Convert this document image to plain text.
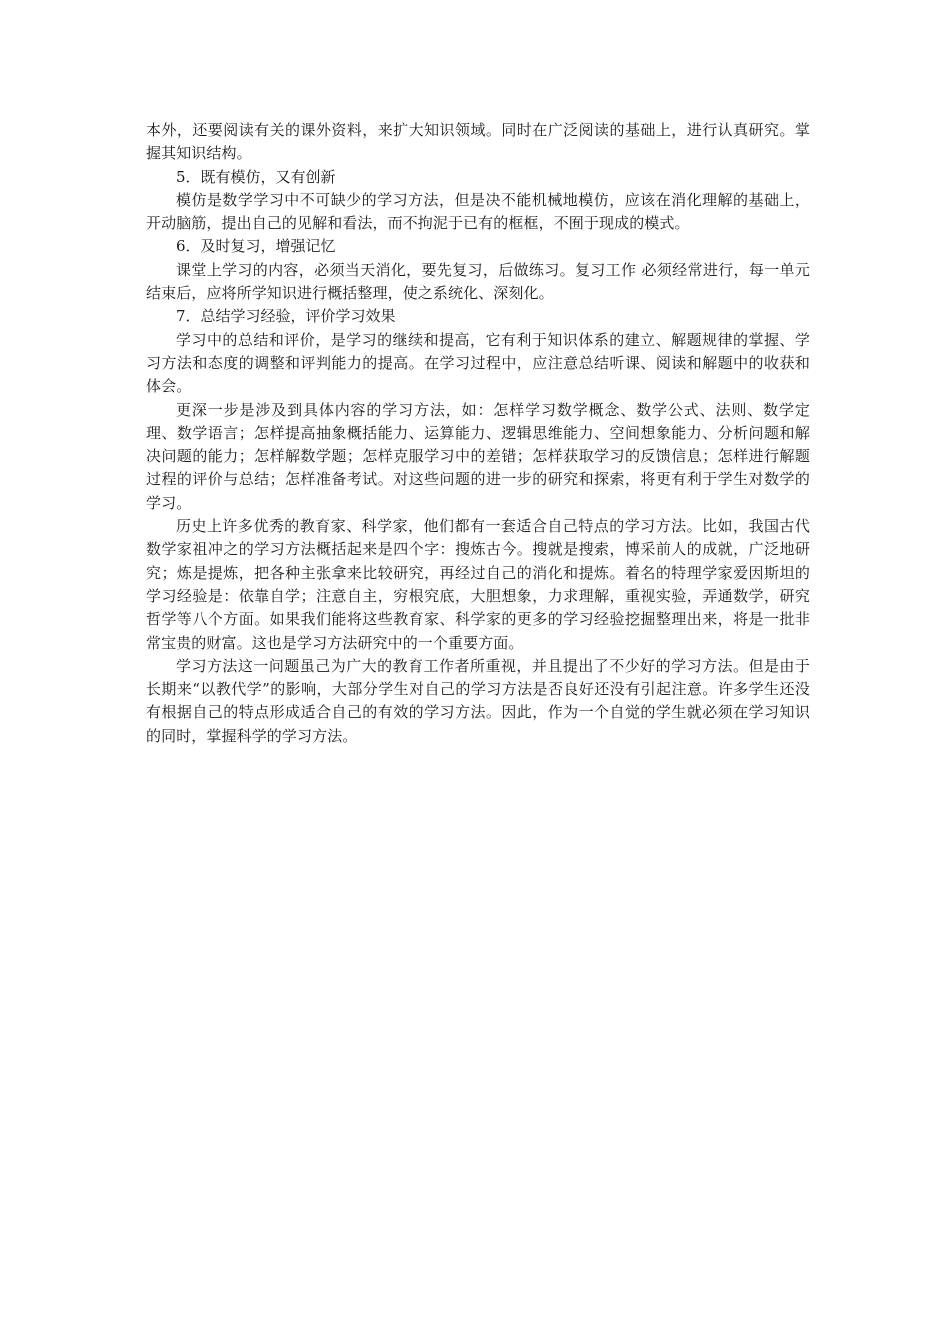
本外，还要阅读有关的课外资料，来扩大知识领域。同时在广泛阅读的基础上，进行认真研究。掌握其知识结构。

5．既有模仿，又有创新

模仿是数学学习中不可缺少的学习方法，但是决不能机械地模仿，应该在消化理解的基础上，开动脑筋，提出自己的见解和看法，而不拘泥于已有的框框，不囿于现成的模式。

6．及时复习，增强记忆

课堂上学习的内容，必须当天消化，要先复习，后做练习。复习工作 必须经常进行，每一单元结束后，应将所学知识进行概括整理，使之系统化、深刻化。

7．总结学习经验，评价学习效果

学习中的总结和评价，是学习的继续和提高，它有利于知识体系的建立、解题规律的掌握、学习方法和态度的调整和评判能力的提高。在学习过程中，应注意总结听课、阅读和解题中的收获和体会。

更深一步是涉及到具体内容的学习方法，如：怎样学习数学概念、数学公式、法则、数学定理、数学语言；怎样提高抽象概括能力、运算能力、逻辑思维能力、空间想象能力、分析问题和解决问题的能力；怎样解数学题；怎样克服学习中的差错；怎样获取学习的反馈信息；怎样进行解题过程的评价与总结；怎样准备考试。对这些问题的进一步的研究和探索，将更有利于学生对数学的学习。

历史上许多优秀的教育家、科学家，他们都有一套适合自己特点的学习方法。比如，我国古代数学家祖冲之的学习方法概括起来是四个字：搜炼古今。搜就是搜索，博采前人的成就，广泛地研究；炼是提炼，把各种主张拿来比较研究，再经过自己的消化和提炼。着名的特理学家爱因斯坦的学习经验是：依靠自学；注意自主，穷根究底，大胆想象，力求理解，重视实验，弄通数学，研究哲学等八个方面。如果我们能将这些教育家、科学家的更多的学习经验挖掘整理出来，将是一批非常宝贵的财富。这也是学习方法研究中的一个重要方面。

学习方法这一问题虽己为广大的教育工作者所重视，并且提出了不少好的学习方法。但是由于长期来“以教代学”的影响，大部分学生对自己的学习方法是否良好还没有引起注意。许多学生还没有根据自己的特点形成适合自己的有效的学习方法。因此，作为一个自觉的学生就必须在学习知识的同时，掌握科学的学习方法。
